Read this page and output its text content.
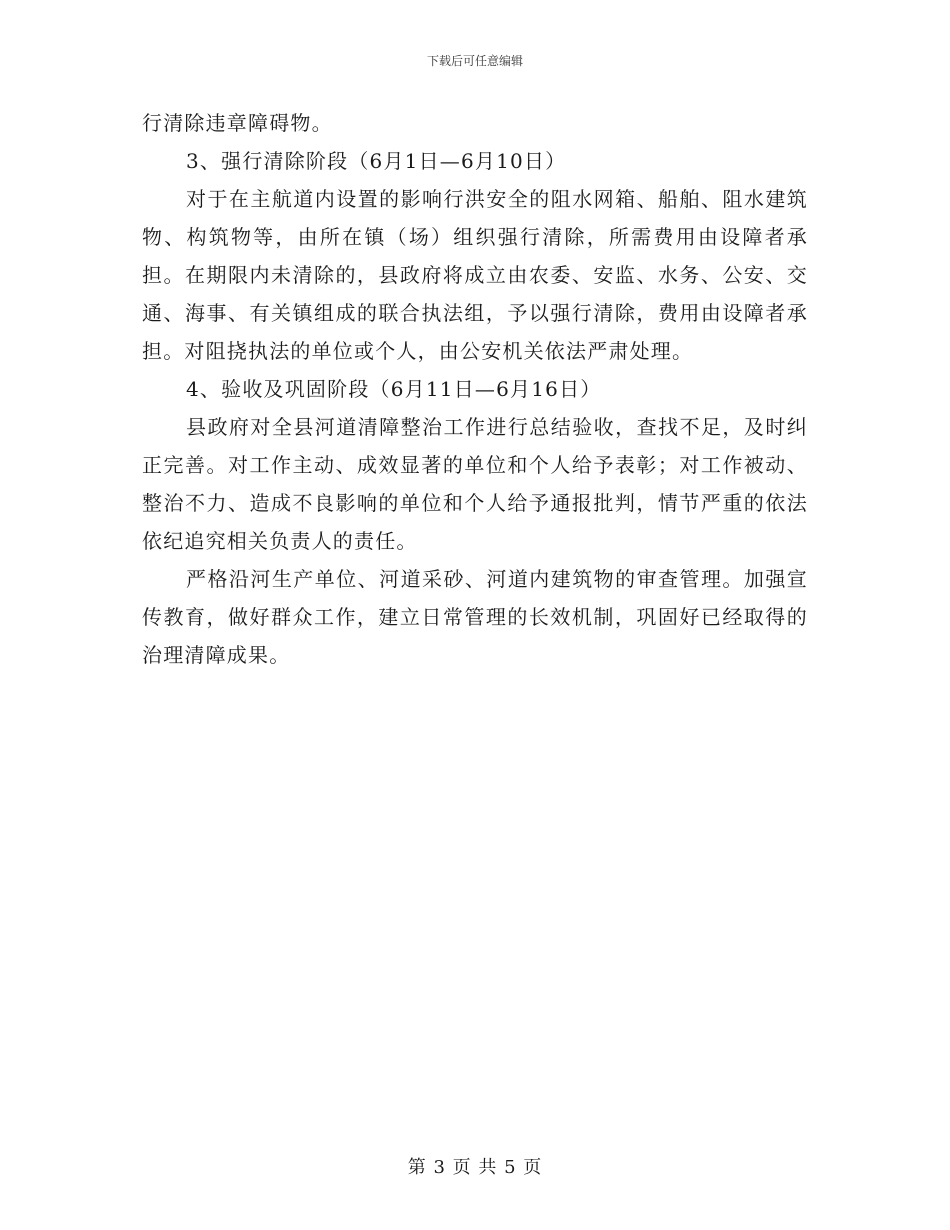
下载后可任意编辑

行清除违章障碍物。

3、强行清除阶段（6月1日—6月10日）

对于在主航道内设置的影响行洪安全的阻水网箱、船舶、阻水建筑物、构筑物等，由所在镇（场）组织强行清除，所需费用由设障者承担。在期限内未清除的，县政府将成立由农委、安监、水务、公安、交通、海事、有关镇组成的联合执法组，予以强行清除，费用由设障者承担。对阻挠执法的单位或个人，由公安机关依法严肃处理。

4、验收及巩固阶段（6月11日—6月16日）

县政府对全县河道清障整治工作进行总结验收，查找不足，及时纠正完善。对工作主动、成效显著的单位和个人给予表彰；对工作被动、整治不力、造成不良影响的单位和个人给予通报批判，情节严重的依法依纪追究相关负责人的责任。

严格沿河生产单位、河道采砂、河道内建筑物的审查管理。加强宣传教育，做好群众工作，建立日常管理的长效机制，巩固好已经取得的治理清障成果。

第 3 页 共 5 页
